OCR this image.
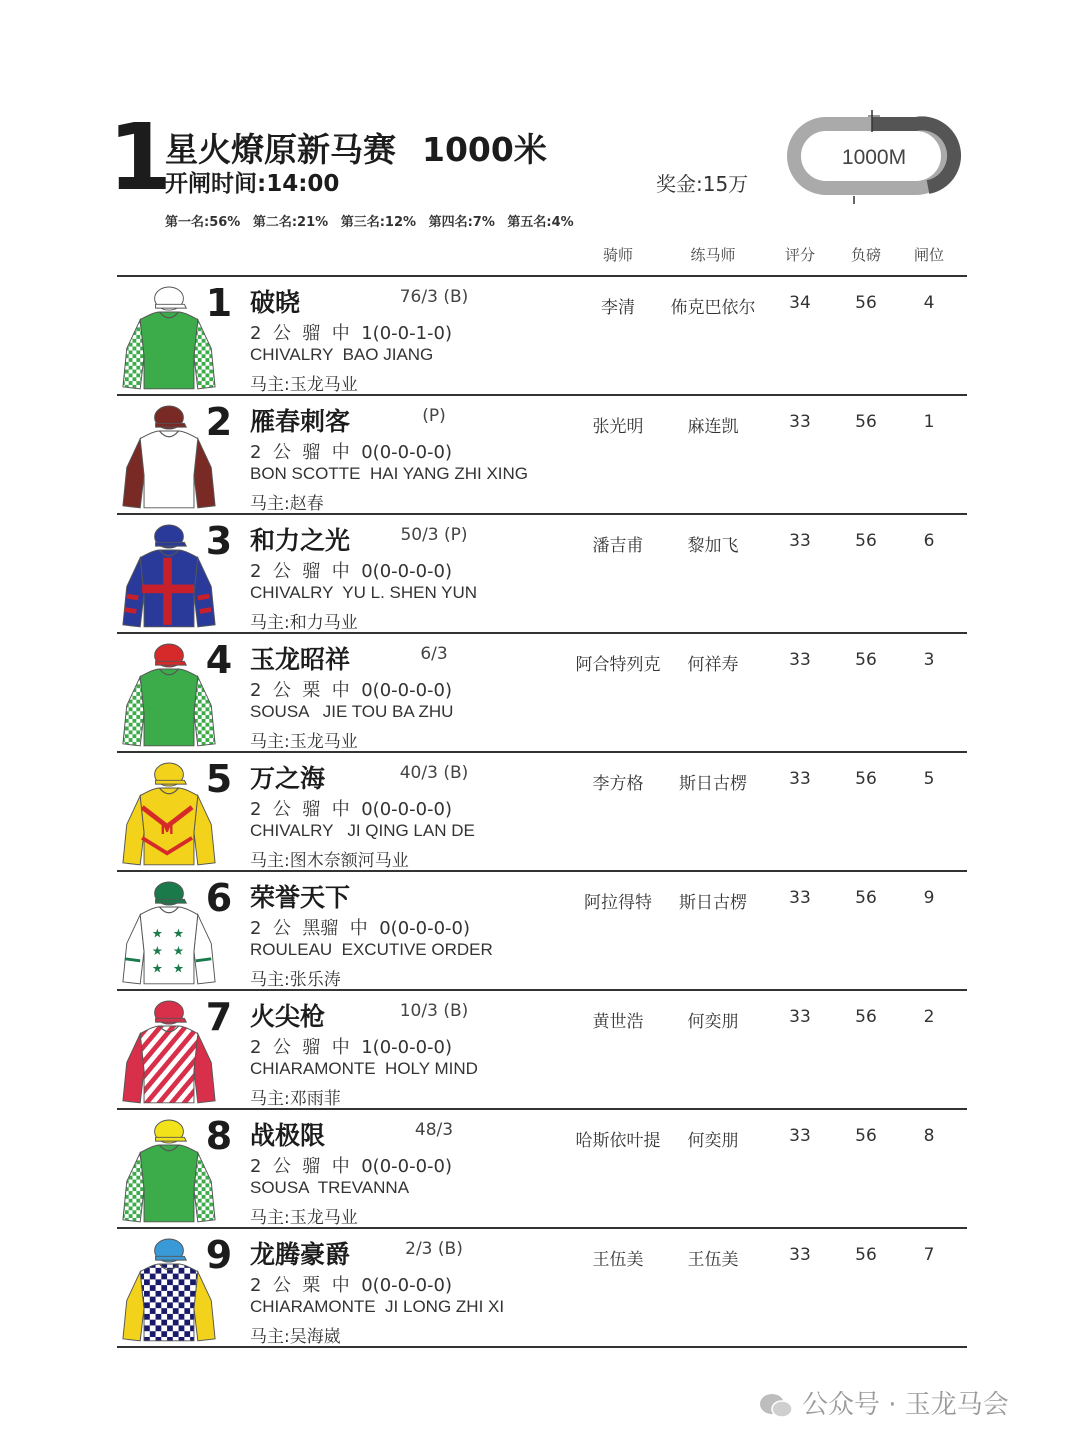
1
星火燎原新马赛 1000米
开闸时间:14:00	奖金:15万
第一名:56% 第二名:21% 第三名:12% 第四名:7% 第五名:4%
1000M
骑师	练马师	评分	负磅	闸位
1 破晓	76/3 (B)
2  公  骝  中  1(0-0-1-0)
CHIVALRY  BAO JIANG
马主:玉龙马业
李清	佈克巴依尔	34	56	4
2 雁春刺客	(P)
2  公  骝  中  0(0-0-0-0)
BON SCOTTE  HAI YANG ZHI XING
马主:赵春
张光明	麻连凯	33	56	1
3 和力之光	50/3 (P)
2  公  骝  中  0(0-0-0-0)
CHIVALRY  YU L. SHEN YUN
马主:和力马业
潘吉甫	黎加飞	33	56	6
4 玉龙昭祥	6/3
2  公  栗  中  0(0-0-0-0)
SOUSA   JIE TOU BA ZHU
马主:玉龙马业
阿合特列克	何祥寿	33	56	3
M
5 万之海	40/3 (B)
2  公  骝  中  0(0-0-0-0)
CHIVALRY   JI QING LAN DE
马主:图木奈额河马业
李方格	斯日古楞	33	56	5
★ ★
★ ★
★ ★
6 荣誉天下
2  公  黑骝  中  0(0-0-0-0)
ROULEAU  EXCUTIVE ORDER
马主:张乐涛
阿拉得特	斯日古楞	33	56	9
7 火尖枪	10/3 (B)
2  公  骝  中  1(0-0-0-0)
CHIARAMONTE  HOLY MIND
马主:邓雨菲
黄世浩	何奕朋	33	56	2
8 战极限	48/3
2  公  骝  中  0(0-0-0-0)
SOUSA  TREVANNA
马主:玉龙马业
哈斯依叶提	何奕朋	33	56	8
9 龙腾豪爵	2/3 (B)
2  公  栗  中  0(0-0-0-0)
CHIARAMONTE  JI LONG ZHI XI
马主:吴海崴
王伍美	王伍美	33	56	7
公众号 · 玉龙马会
